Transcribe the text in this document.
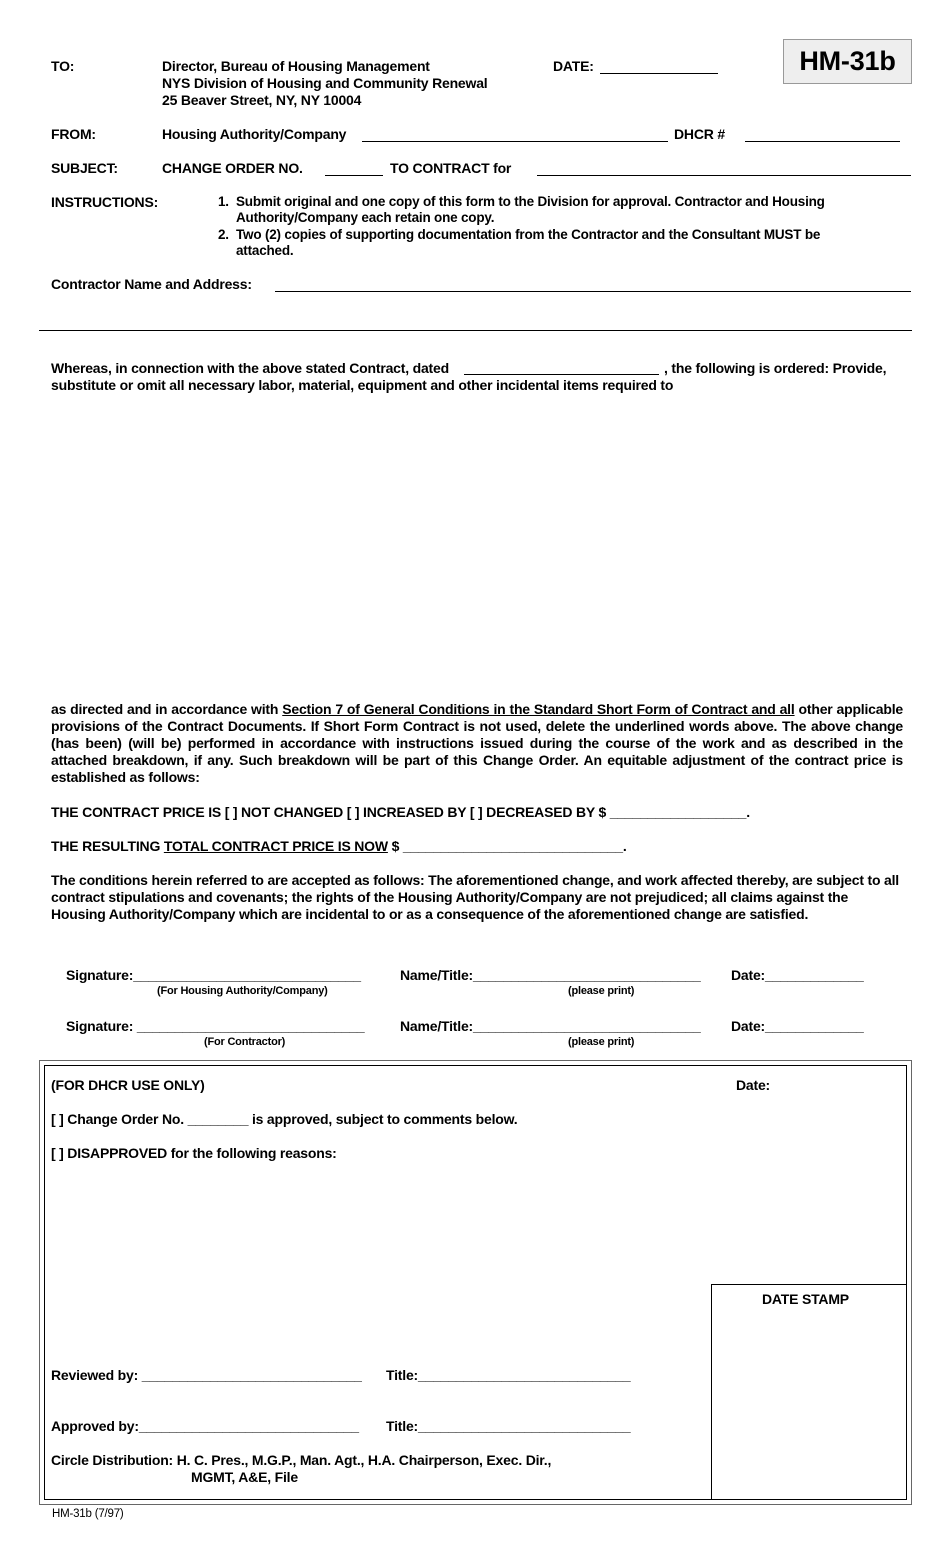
HM-31b
TO:	Director, Bureau of Housing Management
NYS Division of Housing and Community Renewal
25 Beaver Street, NY, NY 10004
DATE:
FROM:	Housing Authority/Company	DHCR #
SUBJECT:	CHANGE ORDER NO.	TO CONTRACT for
INSTRUCTIONS:	1. Submit original and one copy of this form to the Division for approval. Contractor and Housing
Authority/Company each retain one copy.
2. Two (2) copies of supporting documentation from the Contractor and the Consultant MUST be
attached.
Contractor Name and Address:
Whereas, in connection with the above stated Contract, dated	, the following is ordered: Provide,
substitute or omit all necessary labor, material, equipment and other incidental items required to
as directed and in accordance with Section 7 of General Conditions in the Standard Short Form of Contract and all other applicable provisions of the Contract Documents. If Short Form Contract is not used, delete the underlined words above. The above change (has been) (will be) performed in accordance with instructions issued during the course of the work and as described in the attached breakdown, if any. Such breakdown will be part of this Change Order. An equitable adjustment of the contract price is established as follows:
THE CONTRACT PRICE IS [ ] NOT CHANGED [ ] INCREASED BY [ ] DECREASED BY $ __________________.
THE RESULTING TOTAL CONTRACT PRICE IS NOW $ _____________________________.
The conditions herein referred to are accepted as follows: The aforementioned change, and work affected thereby, are subject to all contract stipulations and covenants; the rights of the Housing Authority/Company are not prejudiced; all claims against the Housing Authority/Company which are incidental to or as a consequence of the aforementioned change are satisfied.
Signature:______________________________
(For Housing Authority/Company)
Name/Title:______________________________
(please print)
Date:_____________
Signature: ______________________________
(For Contractor)
Name/Title:______________________________
(please print)
Date:_____________
(FOR DHCR USE ONLY)	Date:
[ ] Change Order No. ________ is approved, subject to comments below.
[ ] DISAPPROVED for the following reasons:
DATE STAMP
Reviewed by: _____________________________ Title:____________________________
Approved by:_____________________________ Title:____________________________
Circle Distribution: H. C. Pres., M.G.P., Man. Agt., H.A. Chairperson, Exec. Dir.,
MGMT, A&E, File
HM-31b (7/97)
